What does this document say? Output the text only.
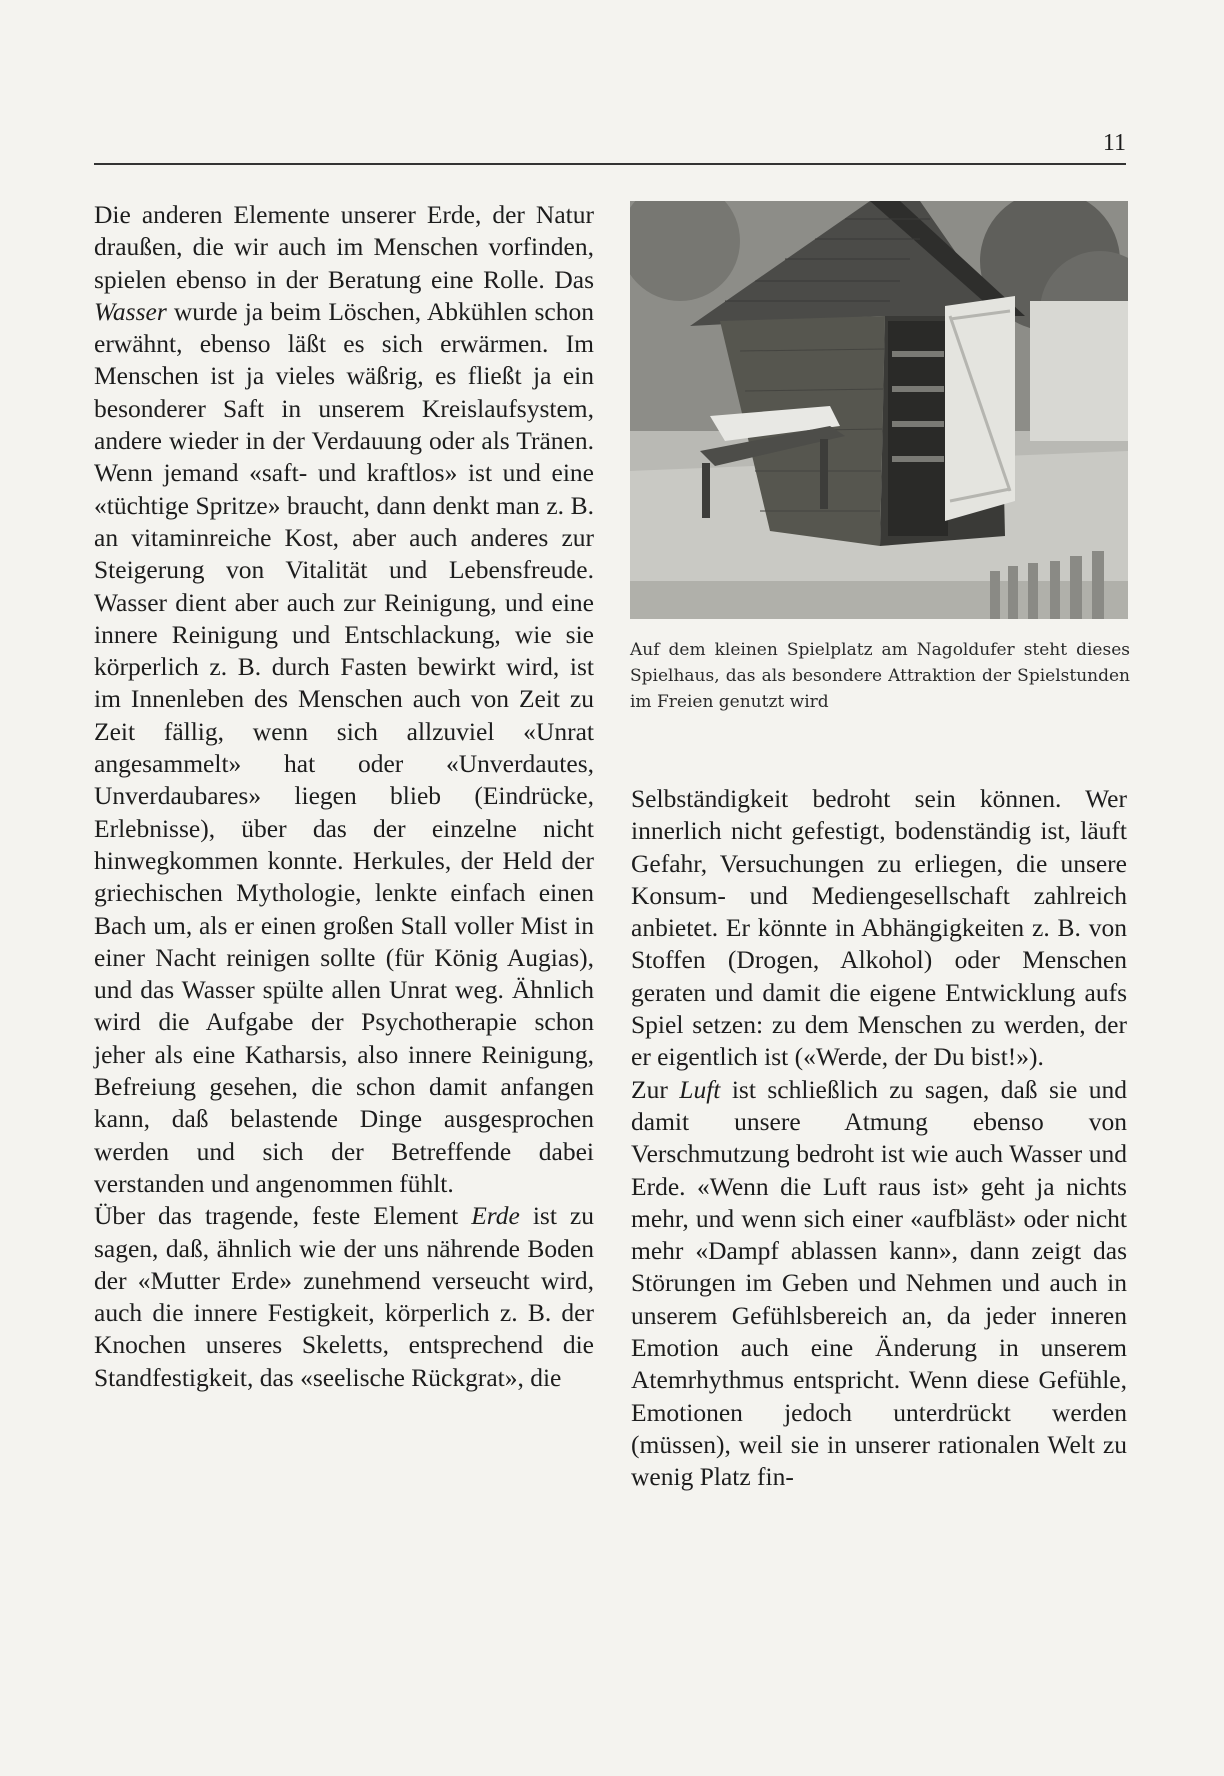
11

Die anderen Elemente unserer Erde, der Natur draußen, die wir auch im Menschen vorfinden, spielen ebenso in der Beratung eine Rolle. Das Wasser wurde ja beim Löschen, Abkühlen schon erwähnt, ebenso läßt es sich erwärmen. Im Menschen ist ja vieles wäßrig, es fließt ja ein besonderer Saft in unserem Kreislaufsystem, andere wieder in der Verdauung oder als Tränen. Wenn jemand «saft- und kraftlos» ist und eine «tüchtige Spritze» braucht, dann denkt man z. B. an vitaminreiche Kost, aber auch anderes zur Steigerung von Vitalität und Lebensfreude. Wasser dient aber auch zur Reinigung, und eine innere Reinigung und Entschlackung, wie sie körperlich z. B. durch Fasten bewirkt wird, ist im Innenleben des Menschen auch von Zeit zu Zeit fällig, wenn sich allzuviel «Unrat angesammelt» hat oder «Unverdautes, Unverdaubares» liegen blieb (Eindrücke, Erlebnisse), über das der einzelne nicht hinwegkommen konnte. Herkules, der Held der griechischen Mythologie, lenkte einfach einen Bach um, als er einen großen Stall voller Mist in einer Nacht reinigen sollte (für König Augias), und das Wasser spülte allen Unrat weg. Ähnlich wird die Aufgabe der Psychotherapie schon jeher als eine Katharsis, also innere Reinigung, Befreiung gesehen, die schon damit anfangen kann, daß belastende Dinge ausgesprochen werden und sich der Betreffende dabei verstanden und angenommen fühlt.

Über das tragende, feste Element Erde ist zu sagen, daß, ähnlich wie der uns nährende Boden der «Mutter Erde» zunehmend verseucht wird, auch die innere Festigkeit, körperlich z. B. der Knochen unseres Skeletts, entsprechend die Standfestigkeit, das «seelische Rückgrat», die

Auf dem kleinen Spielplatz am Nagoldufer steht dieses Spielhaus, das als besondere Attraktion der Spielstunden im Freien genutzt wird

Selbständigkeit bedroht sein können. Wer innerlich nicht gefestigt, bodenständig ist, läuft Gefahr, Versuchungen zu erliegen, die unsere Konsum- und Mediengesellschaft zahlreich anbietet. Er könnte in Abhängigkeiten z. B. von Stoffen (Drogen, Alkohol) oder Menschen geraten und damit die eigene Entwicklung aufs Spiel setzen: zu dem Menschen zu werden, der er eigentlich ist («Werde, der Du bist!»).

Zur Luft ist schließlich zu sagen, daß sie und damit unsere Atmung ebenso von Verschmutzung bedroht ist wie auch Wasser und Erde. «Wenn die Luft raus ist» geht ja nichts mehr, und wenn sich einer «aufbläst» oder nicht mehr «Dampf ablassen kann», dann zeigt das Störungen im Geben und Nehmen und auch in unserem Gefühlsbereich an, da jeder inneren Emotion auch eine Änderung in unserem Atemrhythmus entspricht. Wenn diese Gefühle, Emotionen jedoch unterdrückt werden (müssen), weil sie in unserer rationalen Welt zu wenig Platz fin-
